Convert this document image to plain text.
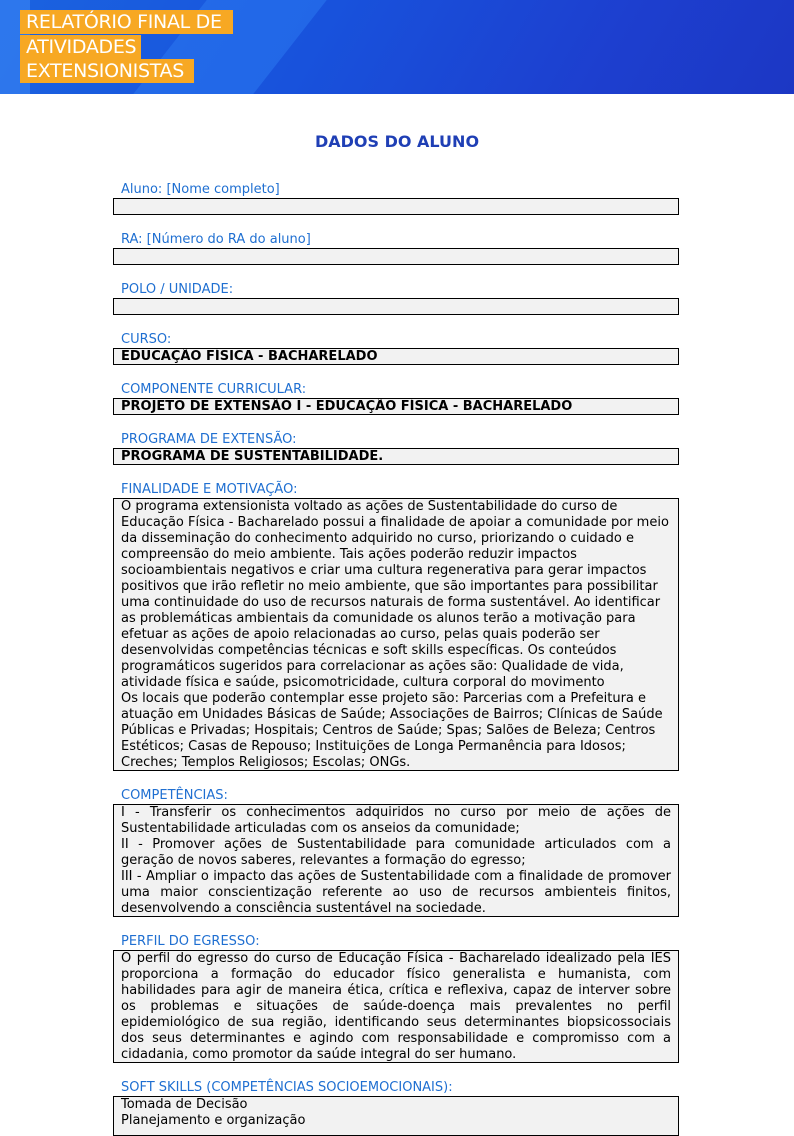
RELATÓRIO FINAL DE
ATIVIDADES
EXTENSIONISTAS
DADOS DO ALUNO
Aluno: [Nome completo]
RA: [Número do RA do aluno]
POLO / UNIDADE:
CURSO:
EDUCAÇÃO FÍSICA - BACHARELADO
COMPONENTE CURRICULAR:
PROJETO DE EXTENSÃO I - EDUCAÇÃO FÍSICA - BACHARELADO
PROGRAMA DE EXTENSÃO:
PROGRAMA DE SUSTENTABILIDADE.
FINALIDADE E MOTIVAÇÃO:

O programa extensionista voltado as ações de Sustentabilidade do curso de Educação Física - Bacharelado possui a finalidade de apoiar a comunidade por meio da disseminação do conhecimento adquirido no curso, priorizando o cuidado e compreensão do meio ambiente. Tais ações poderão reduzir impactos socioambientais negativos e criar uma cultura regenerativa para gerar impactos positivos que irão refletir no meio ambiente, que são importantes para possibilitar uma continuidade do uso de recursos naturais de forma sustentável. Ao identificar as problemáticas ambientais da comunidade os alunos terão a motivação para efetuar as ações de apoio relacionadas ao curso, pelas quais poderão ser desenvolvidas competências técnicas e soft skills específicas. Os conteúdos programáticos sugeridos para correlacionar as ações são: Qualidade de vida, atividade física e saúde, psicomotricidade, cultura corporal do movimento

Os locais que poderão contemplar esse projeto são: Parcerias com a Prefeitura e atuação em Unidades Básicas de Saúde; Associações de Bairros; Clínicas de Saúde Públicas e Privadas; Hospitais; Centros de Saúde; Spas; Salões de Beleza; Centros Estéticos; Casas de Repouso; Instituições de Longa Permanência para Idosos; Creches; Templos Religiosos; Escolas; ONGs.

COMPETÊNCIAS:

I - Transferir os conhecimentos adquiridos no curso por meio de ações de Sustentabilidade articuladas com os anseios da comunidade;

II - Promover ações de Sustentabilidade para comunidade articulados com a geração de novos saberes, relevantes a formação do egresso;

III - Ampliar o impacto das ações de Sustentabilidade com a finalidade de promover uma maior conscientização referente ao uso de recursos ambienteis finitos, desenvolvendo a consciência sustentável na sociedade.

PERFIL DO EGRESSO:

O perfil do egresso do curso de Educação Física - Bacharelado idealizado pela IES proporciona a formação do educador físico generalista e humanista, com habilidades para agir de maneira ética, crítica e reflexiva, capaz de interver sobre os problemas e situações de saúde-doença mais prevalentes no perfil epidemiológico de sua região, identificando seus determinantes biopsicossociais dos seus determinantes e agindo com responsabilidade e compromisso com a cidadania, como promotor da saúde integral do ser humano.

SOFT SKILLS (COMPETÊNCIAS SOCIOEMOCIONAIS):

Tomada de Decisão

Planejamento e organização
